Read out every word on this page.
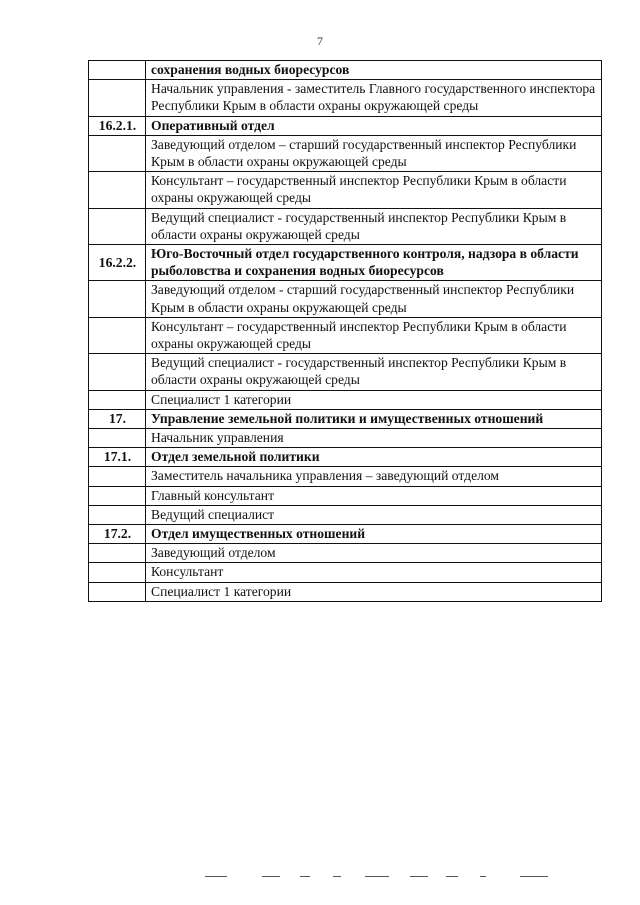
7
	сохранения водных биоресурсов
	Начальник управления - заместитель Главного государственного инспектора Республики Крым в области охраны окружающей среды
16.2.1.	Оперативный отдел
	Заведующий отделом – старший государственный инспектор Республики Крым в области охраны окружающей среды
	Консультант – государственный инспектор Республики Крым в области охраны окружающей среды
	Ведущий специалист - государственный инспектор Республики Крым в области охраны окружающей среды
16.2.2.	Юго-Восточный отдел государственного контроля, надзора в области рыболовства и сохранения водных биоресурсов
	Заведующий отделом - старший государственный инспектор Республики Крым в области охраны окружающей среды
	Консультант – государственный инспектор Республики Крым в области охраны окружающей среды
	Ведущий специалист - государственный инспектор Республики Крым в области охраны окружающей среды
	Специалист 1 категории
17.	Управление земельной политики и имущественных отношений
	Начальник управления
17.1.	Отдел земельной политики
	Заместитель начальника управления – заведующий отделом
	Главный консультант
	Ведущий специалист
17.2.	Отдел имущественных отношений
	Заведующий отделом
	Консультант
	Специалист 1 категории
